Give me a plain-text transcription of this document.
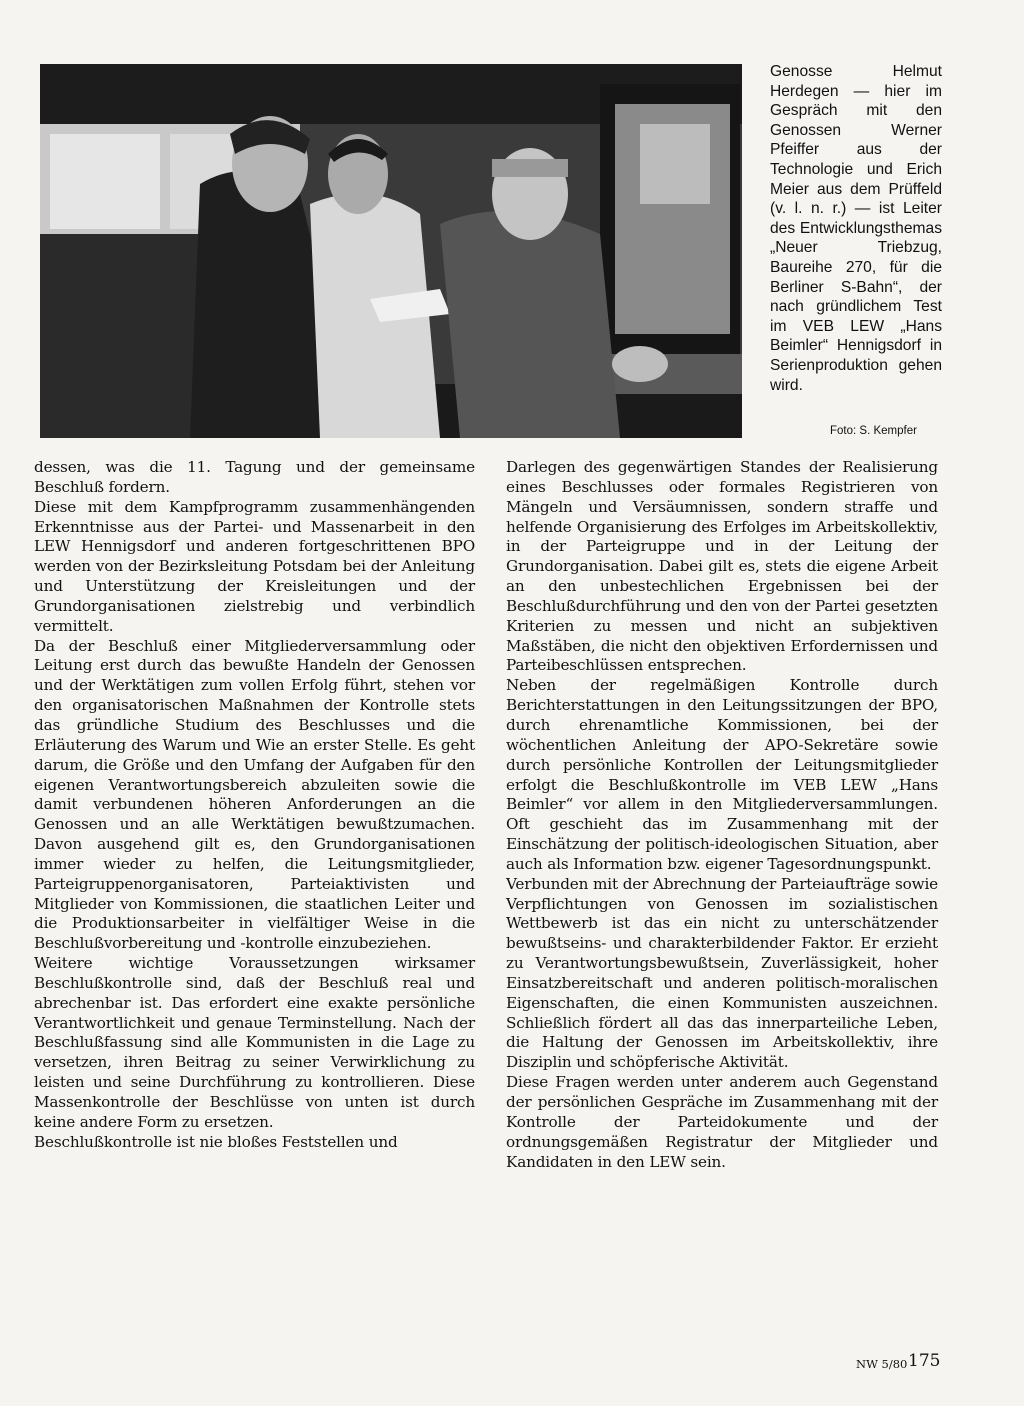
Genosse Helmut Herdegen — hier im Gespräch mit den Genossen Werner Pfeiffer aus der Technologie und Erich Meier aus dem Prüffeld (v. l. n. r.) — ist Leiter des Entwicklungsthemas „Neuer Triebzug, Baureihe 270, für die Berliner S-Bahn“, der nach gründlichem Test im VEB LEW „Hans Beimler“ Hennigsdorf in Serienproduktion gehen wird.

Foto: S. Kempfer

dessen, was die 11. Tagung und der gemeinsame Beschluß fordern.

Diese mit dem Kampfprogramm zusammenhängenden Erkenntnisse aus der Partei- und Massenarbeit in den LEW Hennigsdorf und anderen fortgeschrittenen BPO werden von der Bezirksleitung Potsdam bei der Anleitung und Unterstützung der Kreisleitungen und der Grundorganisationen zielstrebig und verbindlich vermittelt.

Da der Beschluß einer Mitgliederversammlung oder Leitung erst durch das bewußte Handeln der Genossen und der Werktätigen zum vollen Erfolg führt, stehen vor den organisatorischen Maßnahmen der Kontrolle stets das gründliche Studium des Beschlusses und die Erläuterung des Warum und Wie an erster Stelle. Es geht darum, die Größe und den Umfang der Aufgaben für den eigenen Verantwortungsbereich abzuleiten sowie die damit verbundenen höheren Anforderungen an die Genossen und an alle Werktätigen bewußtzumachen. Davon ausgehend gilt es, den Grundorganisationen immer wieder zu helfen, die Leitungsmitglieder, Parteigruppenorganisatoren, Parteiaktivisten und Mitglieder von Kommissionen, die staatlichen Leiter und die Produktionsarbeiter in vielfältiger Weise in die Beschlußvorbereitung und -kontrolle einzubeziehen.

Weitere wichtige Voraussetzungen wirksamer Beschlußkontrolle sind, daß der Beschluß real und abrechenbar ist. Das erfordert eine exakte persönliche Verantwortlichkeit und genaue Terminstellung. Nach der Beschlußfassung sind alle Kommunisten in die Lage zu versetzen, ihren Beitrag zu seiner Verwirklichung zu leisten und seine Durchführung zu kontrollieren. Diese Massenkontrolle der Beschlüsse von unten ist durch keine andere Form zu ersetzen.

Beschlußkontrolle ist nie bloßes Feststellen und

Darlegen des gegenwärtigen Standes der Realisierung eines Beschlusses oder formales Registrieren von Mängeln und Versäumnissen, sondern straffe und helfende Organisierung des Erfolges im Arbeitskollektiv, in der Parteigruppe und in der Leitung der Grundorganisation. Dabei gilt es, stets die eigene Arbeit an den unbestechlichen Ergebnissen bei der Beschlußdurchführung und den von der Partei gesetzten Kriterien zu messen und nicht an subjektiven Maßstäben, die nicht den objektiven Erfordernissen und Parteibeschlüssen entsprechen.

Neben der regelmäßigen Kontrolle durch Berichterstattungen in den Leitungssitzungen der BPO, durch ehrenamtliche Kommissionen, bei der wöchentlichen Anleitung der APO-Sekretäre sowie durch persönliche Kontrollen der Leitungsmitglieder erfolgt die Beschlußkontrolle im VEB LEW „Hans Beimler“ vor allem in den Mitgliederversammlungen. Oft geschieht das im Zusammenhang mit der Einschätzung der politisch-ideologischen Situation, aber auch als Information bzw. eigener Tagesordnungspunkt.

Verbunden mit der Abrechnung der Parteiaufträge sowie Verpflichtungen von Genossen im sozialistischen Wettbewerb ist das ein nicht zu unterschätzender bewußtseins- und charakterbildender Faktor. Er erzieht zu Verantwortungsbewußtsein, Zuverlässigkeit, hoher Einsatzbereitschaft und anderen politisch-moralischen Eigenschaften, die einen Kommunisten auszeichnen. Schließlich fördert all das das innerparteiliche Leben, die Haltung der Genossen im Arbeitskollektiv, ihre Disziplin und schöpferische Aktivität.

Diese Fragen werden unter anderem auch Gegenstand der persönlichen Gespräche im Zusammenhang mit der Kontrolle der Parteidokumente und der ordnungsgemäßen Registratur der Mitglieder und Kandidaten in den LEW sein.

NW 5/80 175
